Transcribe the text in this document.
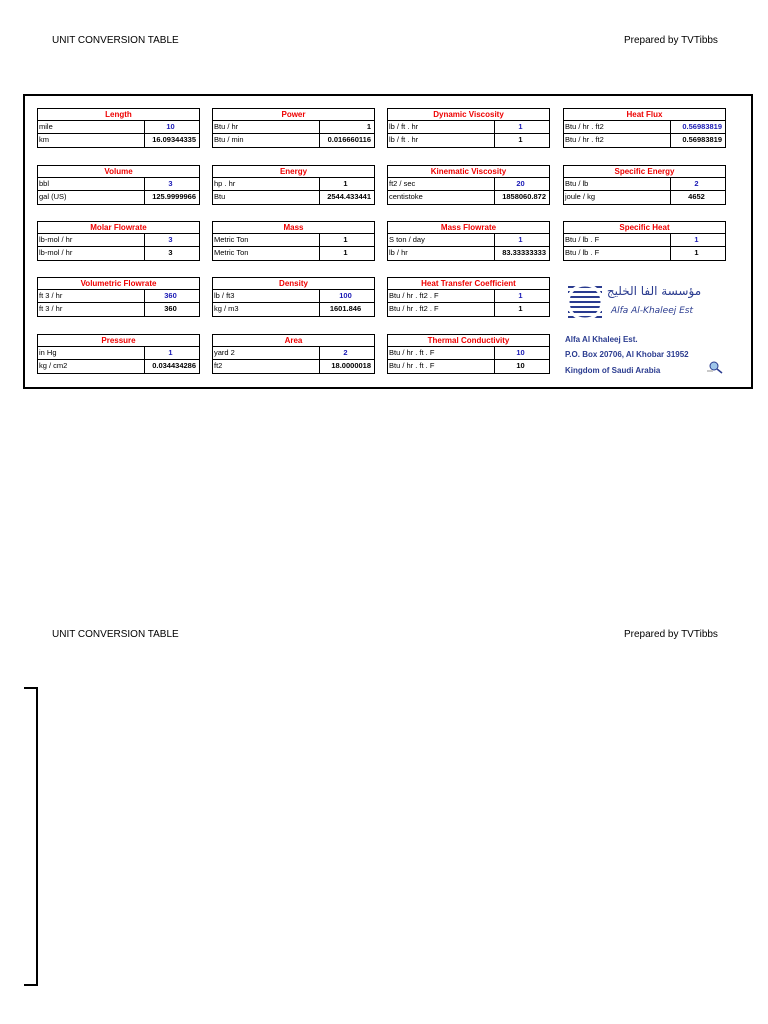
UNIT CONVERSION TABLE	Prepared by TVTibbs
Length
mile	10
km	16.09344335
Power
Btu / hr	1
Btu / min	0.016660116
Dynamic Viscosity
lb / ft . hr	1
lb / ft . hr	1
Heat Flux
Btu / hr . ft2	0.56983819
Btu / hr . ft2	0.56983819
Volume
bbl	3
gal (US)	125.9999966
Energy
hp . hr	1
Btu	2544.433441
Kinematic Viscosity
ft2 / sec	20
centistoke	1858060.872
Specific Energy
Btu / lb	2
joule / kg	4652
Molar Flowrate
lb-mol / hr	3
lb-mol / hr	3
Mass
Metric Ton	1
Metric Ton	1
Mass Flowrate
S ton / day	1
lb / hr	83.33333333
Specific Heat
Btu / lb . F	1
Btu / lb . F	1
Volumetric Flowrate
ft 3 / hr	360
ft 3 / hr	360
Density
lb / ft3	100
kg / m3	1601.846
Heat Transfer Coefficient
Btu / hr . ft2 . F	1
Btu / hr . ft2 . F	1
مؤسسة الفا الخليج
Alfa Al-Khaleej Est
Pressure
in Hg	1
kg / cm2	0.034434286
Area
yard 2	2
ft2	18.0000018
Thermal Conductivity
Btu / hr . ft . F	10
Btu / hr . ft . F	10
Alfa Al Khaleej Est.
P.O. Box 20706, Al Khobar 31952
Kingdom of Saudi Arabia
UNIT CONVERSION TABLE	Prepared by TVTibbs
